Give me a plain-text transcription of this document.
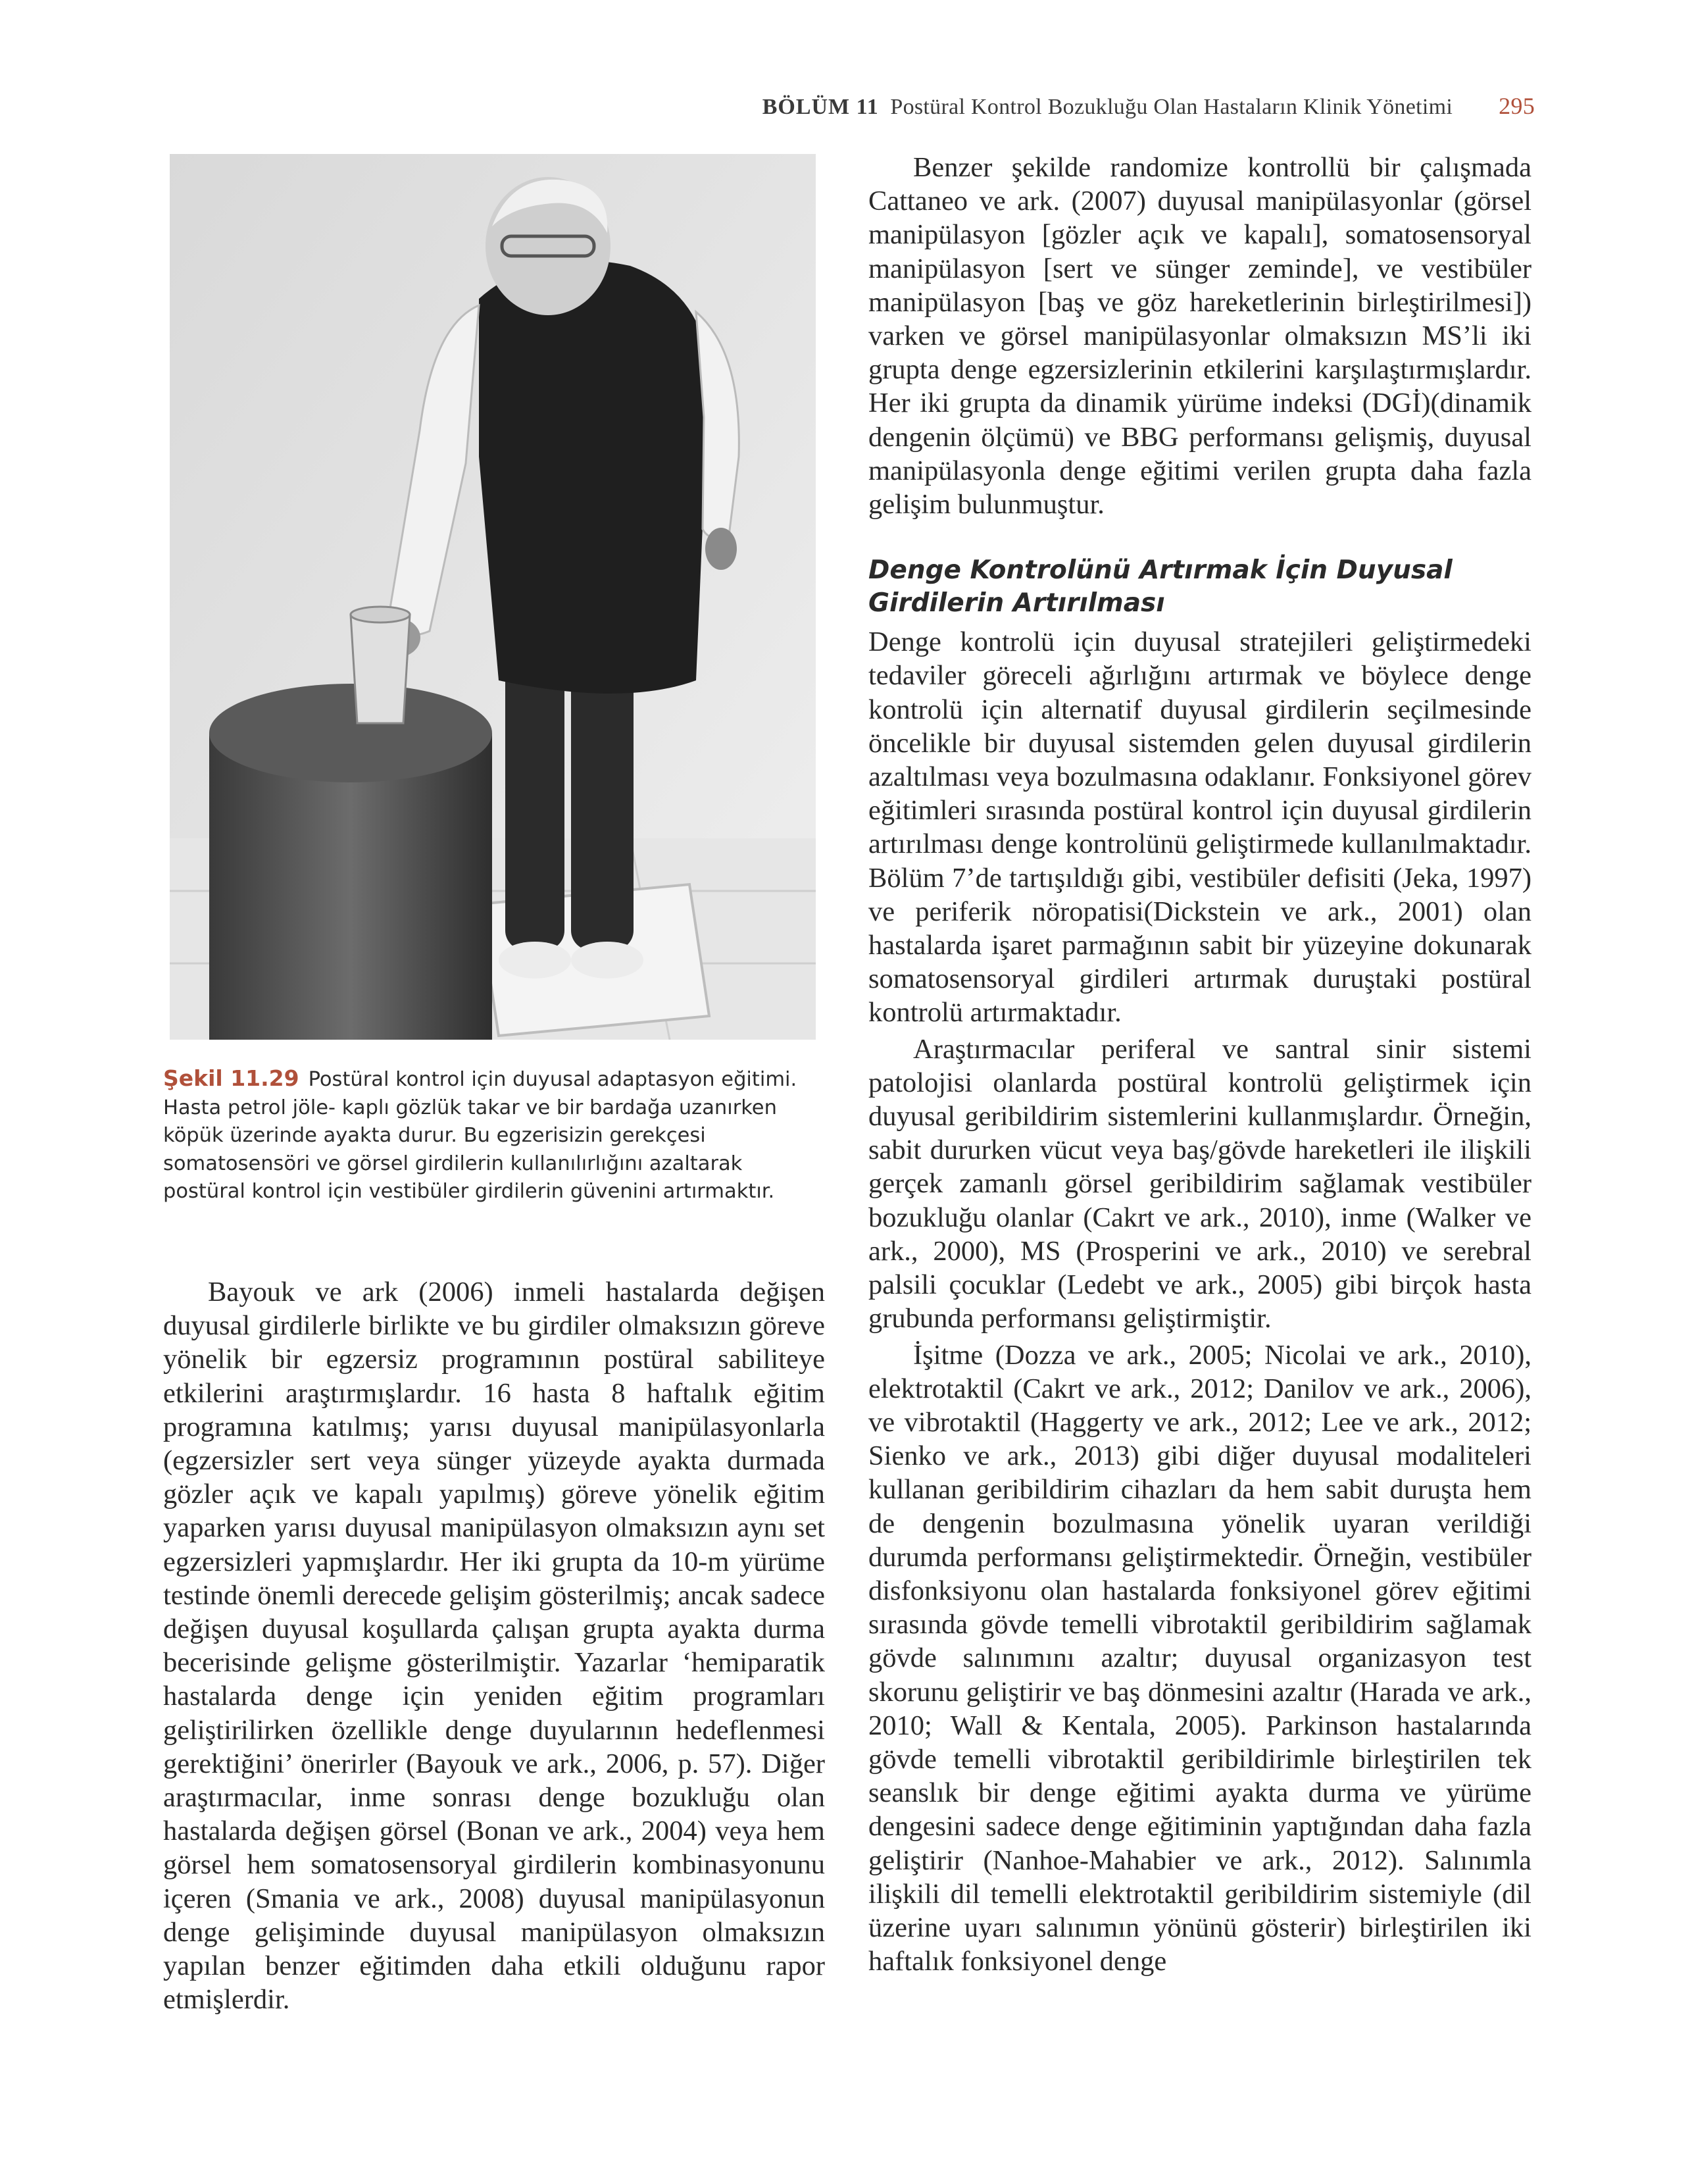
BÖLÜM 11 Postüral Kontrol Bozukluğu Olan Hastaların Klinik Yönetimi 295
Şekil 11.29 Postüral kontrol için duyusal adaptasyon eğitimi. Hasta petrol jöle- kaplı gözlük takar ve bir bardağa uzanırken köpük üzerinde ayakta durur. Bu egzerisizin gerekçesi somatosensöri ve görsel girdilerin kullanılırlığını azaltarak postüral kontrol için vestibüler girdilerin güvenini artırmaktır.

Bayouk ve ark (2006) inmeli hastalarda değişen duyusal girdilerle birlikte ve bu girdiler olmaksızın göreve yönelik bir egzersiz programının postüral sabiliteye etkilerini araştırmışlardır. 16 hasta 8 haftalık eğitim programına katılmış; yarısı duyusal manipülasyonlarla (egzersizler sert veya sünger yüzeyde ayakta durmada gözler açık ve kapalı yapılmış) göreve yönelik eğitim yaparken yarısı duyusal manipülasyon olmaksızın aynı set egzersizleri yapmışlardır. Her iki grupta da 10-m yürüme testinde önemli derecede gelişim gösterilmiş; ancak sadece değişen duyusal koşullarda çalışan grupta ayakta durma becerisinde gelişme gösterilmiştir. Yazarlar ‘hemiparatik hastalarda denge için yeniden eğitim programları geliştirilirken özellikle denge duyularının hedeflenmesi gerektiğini’ önerirler (Bayouk ve ark., 2006, p. 57). Diğer araştırmacılar, inme sonrası denge bozukluğu olan hastalarda değişen görsel (Bonan ve ark., 2004) veya hem görsel hem somatosensoryal girdilerin kombinasyonunu içeren (Smania ve ark., 2008) duyusal manipülasyonun denge gelişiminde duyusal manipülasyon olmaksızın yapılan benzer eğitimden daha etkili olduğunu rapor etmişlerdir.

Benzer şekilde randomize kontrollü bir çalışmada Cattaneo ve ark. (2007) duyusal manipülasyonlar (görsel manipülasyon [gözler açık ve kapalı], somatosensoryal manipülasyon [sert ve sünger zeminde], ve vestibüler manipülasyon [baş ve göz hareketlerinin birleştirilmesi]) varken ve görsel manipülasyonlar olmaksızın MS’li iki grupta denge egzersizlerinin etkilerini karşılaştırmışlardır. Her iki grupta da dinamik yürüme indeksi (DGİ)(dinamik dengenin ölçümü) ve BBG performansı gelişmiş, duyusal manipülasyonla denge eğitimi verilen grupta daha fazla gelişim bulunmuştur.

Denge Kontrolünü Artırmak İçin Duyusal Girdilerin Artırılması

Denge kontrolü için duyusal stratejileri geliştirmedeki tedaviler göreceli ağırlığını artırmak ve böylece denge kontrolü için alternatif duyusal girdilerin seçilmesinde öncelikle bir duyusal sistemden gelen duyusal girdilerin azaltılması veya bozulmasına odaklanır. Fonksiyonel görev eğitimleri sırasında postüral kontrol için duyusal girdilerin artırılması denge kontrolünü geliştirmede kullanılmaktadır. Bölüm 7’de tartışıldığı gibi, vestibüler defisiti (Jeka, 1997) ve periferik nöropatisi(Dickstein ve ark., 2001) olan hastalarda işaret parmağının sabit bir yüzeyine dokunarak somatosensoryal girdileri artırmak duruştaki postüral kontrolü artırmaktadır.

Araştırmacılar periferal ve santral sinir sistemi patolojisi olanlarda postüral kontrolü geliştirmek için duyusal geribildirim sistemlerini kullanmışlardır. Örneğin, sabit dururken vücut veya baş/gövde hareketleri ile ilişkili gerçek zamanlı görsel geribildirim sağlamak vestibüler bozukluğu olanlar (Cakrt ve ark., 2010), inme (Walker ve ark., 2000), MS (Prosperini ve ark., 2010) ve serebral palsili çocuklar (Ledebt ve ark., 2005) gibi birçok hasta grubunda performansı geliştirmiştir.

İşitme (Dozza ve ark., 2005; Nicolai ve ark., 2010), elektrotaktil (Cakrt ve ark., 2012; Danilov ve ark., 2006), ve vibrotaktil (Haggerty ve ark., 2012; Lee ve ark., 2012; Sienko ve ark., 2013) gibi diğer duyusal modaliteleri kullanan geribildirim cihazları da hem sabit duruşta hem de dengenin bozulmasına yönelik uyaran verildiği durumda performansı geliştirmektedir. Örneğin, vestibüler disfonksiyonu olan hastalarda fonksiyonel görev eğitimi sırasında gövde temelli vibrotaktil geribildirim sağlamak gövde salınımını azaltır; duyusal organizasyon test skorunu geliştirir ve baş dönmesini azaltır (Harada ve ark., 2010; Wall & Kentala, 2005). Parkinson hastalarında gövde temelli vibrotaktil geribildirimle birleştirilen tek seanslık bir denge eğitimi ayakta durma ve yürüme dengesini sadece denge eğitiminin yaptığından daha fazla geliştirir (Nanhoe-Mahabier ve ark., 2012). Salınımla ilişkili dil temelli elektrotaktil geribildirim sistemiyle (dil üzerine uyarı salınımın yönünü gösterir) birleştirilen iki haftalık fonksiyonel denge
